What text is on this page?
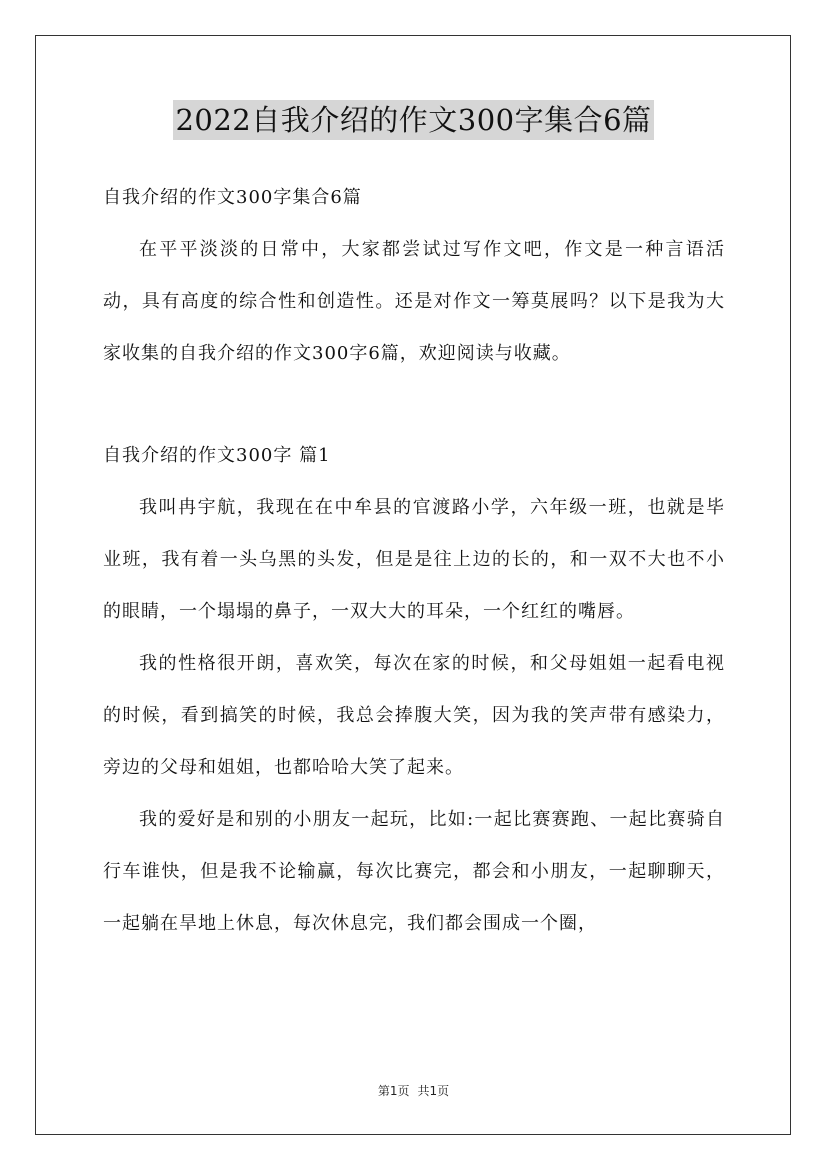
2022自我介绍的作文300字集合6篇

自我介绍的作文300字集合6篇

在平平淡淡的日常中，大家都尝试过写作文吧，作文是一种言语活动，具有高度的综合性和创造性。还是对作文一筹莫展吗？以下是我为大家收集的自我介绍的作文300字6篇，欢迎阅读与收藏。

自我介绍的作文300字 篇1

我叫冉宇航，我现在在中牟县的官渡路小学，六年级一班，也就是毕业班，我有着一头乌黑的头发，但是是往上边的长的，和一双不大也不小的眼睛，一个塌塌的鼻子，一双大大的耳朵，一个红红的嘴唇。

我的性格很开朗，喜欢笑，每次在家的时候，和父母姐姐一起看电视的时候，看到搞笑的时候，我总会捧腹大笑，因为我的笑声带有感染力，旁边的父母和姐姐，也都哈哈大笑了起来。

我的爱好是和别的小朋友一起玩，比如:一起比赛赛跑、一起比赛骑自行车谁快，但是我不论输赢，每次比赛完，都会和小朋友，一起聊聊天，一起躺在旱地上休息，每次休息完，我们都会围成一个圈，

第1页 共1页
